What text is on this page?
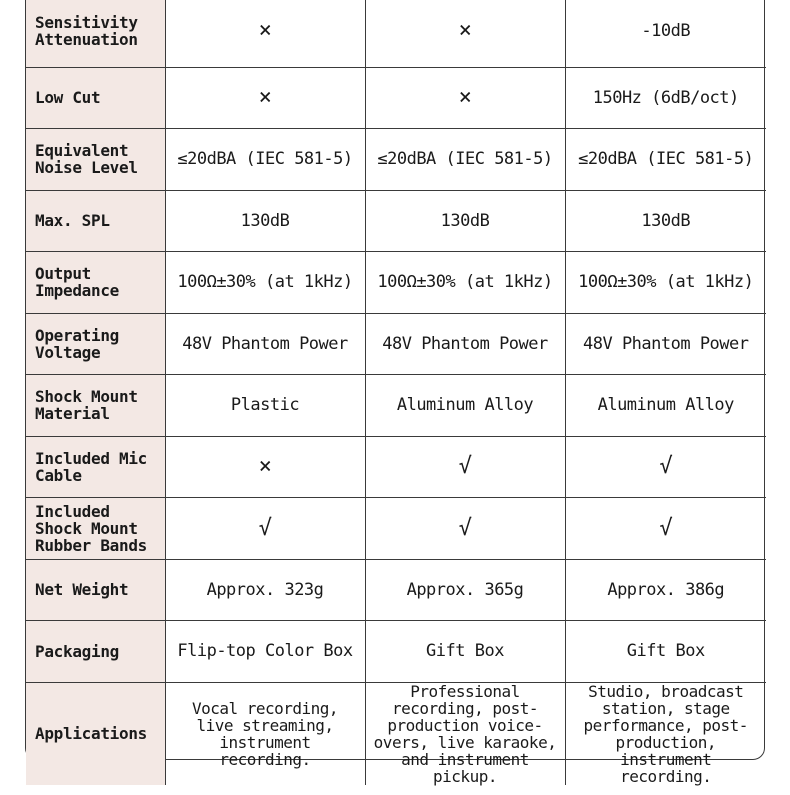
Sensitivity Attenuation	×	×	-10dB
Low Cut	×	×	150Hz (6dB/oct)
Equivalent Noise Level	≤20dBA (IEC 581-5)	≤20dBA (IEC 581-5)	≤20dBA (IEC 581-5)
Max. SPL	130dB	130dB	130dB
Output Impedance	100Ω±30% (at 1kHz)	100Ω±30% (at 1kHz)	100Ω±30% (at 1kHz)
Operating Voltage	48V Phantom Power	48V Phantom Power	48V Phantom Power
Shock Mount Material	Plastic	Aluminum Alloy	Aluminum Alloy
Included Mic Cable	×	√	√
Included Shock Mount Rubber Bands	√	√	√
Net Weight	Approx. 323g	Approx. 365g	Approx. 386g
Packaging	Flip-top Color Box	Gift Box	Gift Box
Applications	Vocal recording, live streaming, instrument recording.	Professional recording, post-production voice-overs, live karaoke, and instrument pickup.	Studio, broadcast station, stage performance, post-production, instrument recording.
